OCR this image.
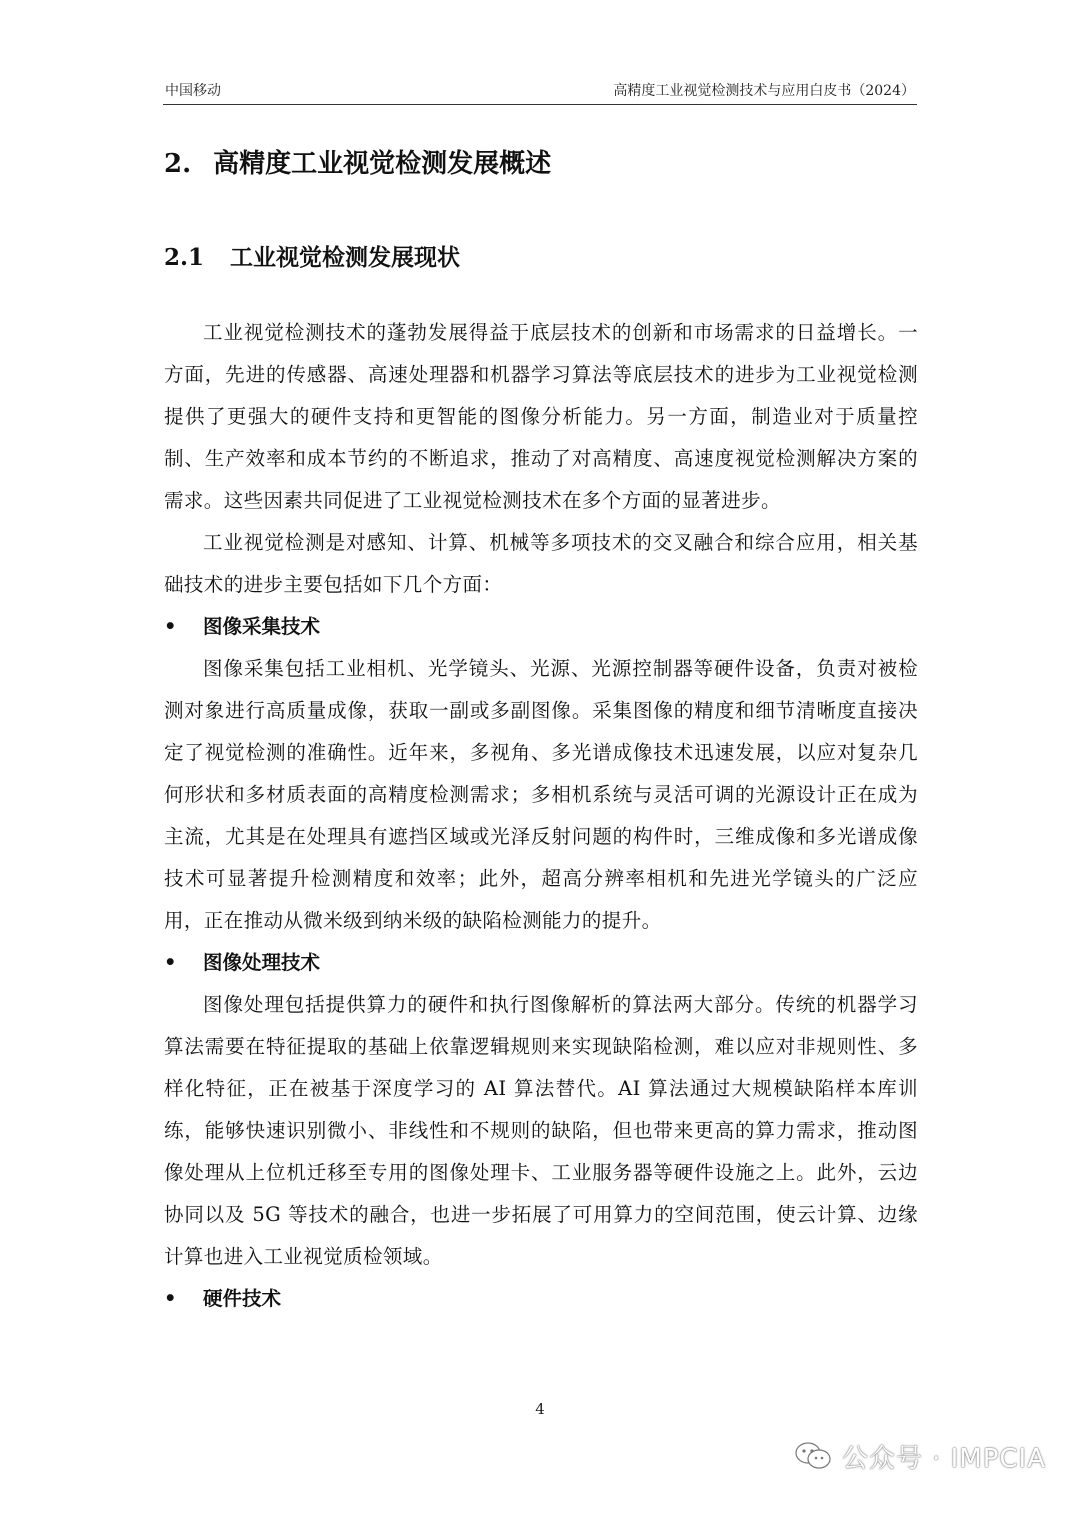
中国移动	高精度工业视觉检测技术与应用白皮书（2024）
2. 高精度工业视觉检测发展概述
2.1 工业视觉检测发展现状

工业视觉检测技术的蓬勃发展得益于底层技术的创新和市场需求的日益增长。一方面，先进的传感器、高速处理器和机器学习算法等底层技术的进步为工业视觉检测提供了更强大的硬件支持和更智能的图像分析能力。另一方面，制造业对于质量控制、生产效率和成本节约的不断追求，推动了对高精度、高速度视觉检测解决方案的需求。这些因素共同促进了工业视觉检测技术在多个方面的显著进步。

工业视觉检测是对感知、计算、机械等多项技术的交叉融合和综合应用，相关基础技术的进步主要包括如下几个方面：

• 图像采集技术

图像采集包括工业相机、光学镜头、光源、光源控制器等硬件设备，负责对被检测对象进行高质量成像，获取一副或多副图像。采集图像的精度和细节清晰度直接决定了视觉检测的准确性。近年来，多视角、多光谱成像技术迅速发展，以应对复杂几何形状和多材质表面的高精度检测需求；多相机系统与灵活可调的光源设计正在成为主流，尤其是在处理具有遮挡区域或光泽反射问题的构件时，三维成像和多光谱成像技术可显著提升检测精度和效率；此外，超高分辨率相机和先进光学镜头的广泛应用，正在推动从微米级到纳米级的缺陷检测能力的提升。

• 图像处理技术

图像处理包括提供算力的硬件和执行图像解析的算法两大部分。传统的机器学习算法需要在特征提取的基础上依靠逻辑规则来实现缺陷检测，难以应对非规则性、多样化特征，正在被基于深度学习的 AI 算法替代。AI 算法通过大规模缺陷样本库训练，能够快速识别微小、非线性和不规则的缺陷，但也带来更高的算力需求，推动图像处理从上位机迁移至专用的图像处理卡、工业服务器等硬件设施之上。此外，云边协同以及 5G 等技术的融合，也进一步拓展了可用算力的空间范围，使云计算、边缘计算也进入工业视觉质检领域。

• 硬件技术
4
公众号 · IMPCIA
